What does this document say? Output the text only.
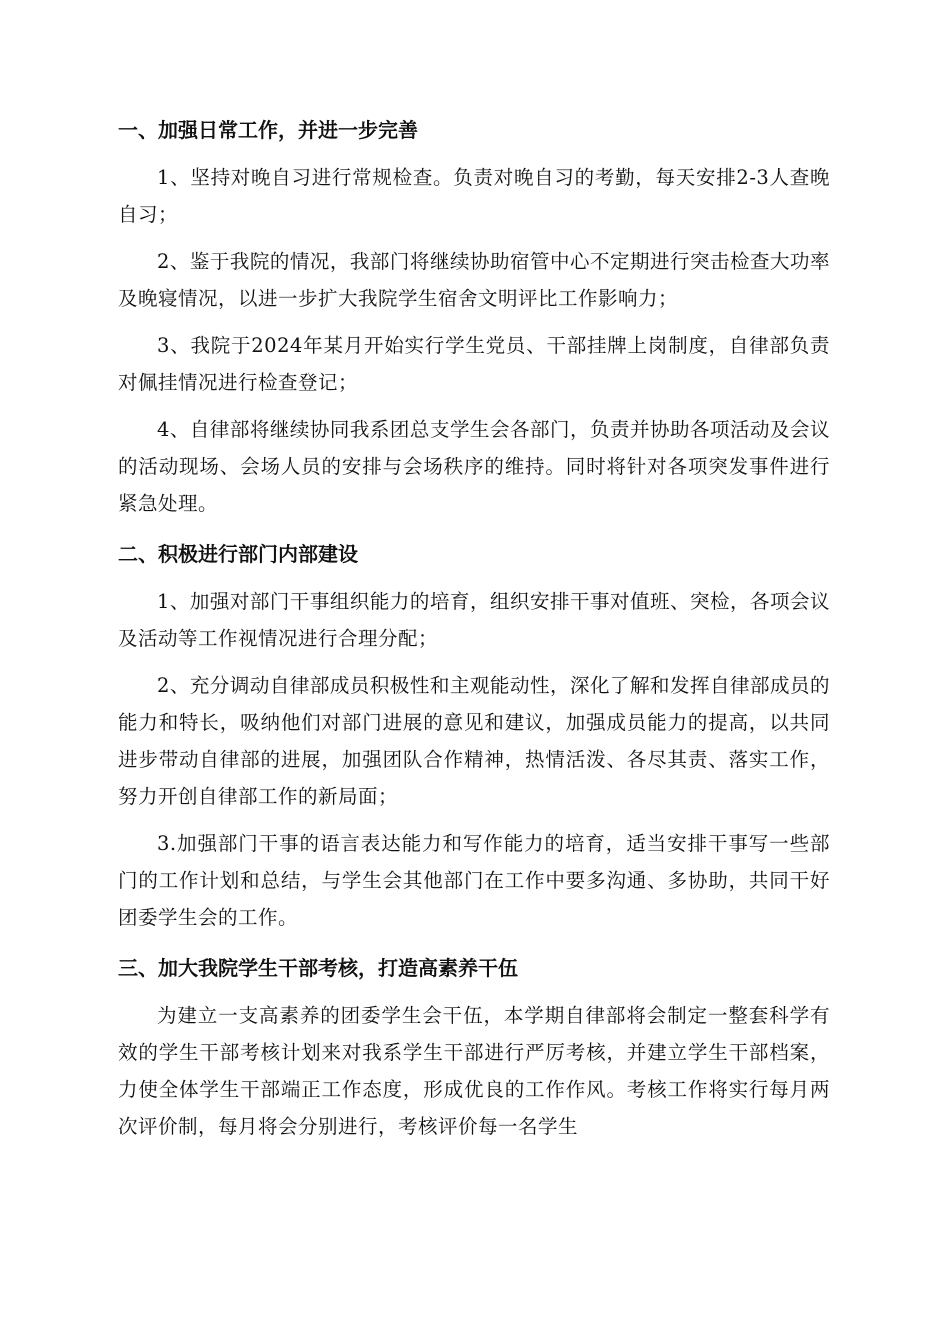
一、加强日常工作，并进一步完善

1、坚持对晚自习进行常规检查。负责对晚自习的考勤，每天安排2-3人查晚自习；

2、鉴于我院的情况，我部门将继续协助宿管中心不定期进行突击检查大功率及晚寝情况，以进一步扩大我院学生宿舍文明评比工作影响力；

3、我院于2024年某月开始实行学生党员、干部挂牌上岗制度，自律部负责对佩挂情况进行检查登记；

4、自律部将继续协同我系团总支学生会各部门，负责并协助各项活动及会议的活动现场、会场人员的安排与会场秩序的维持。同时将针对各项突发事件进行紧急处理。

二、积极进行部门内部建设

1、加强对部门干事组织能力的培育，组织安排干事对值班、突检，各项会议及活动等工作视情况进行合理分配；

2、充分调动自律部成员积极性和主观能动性，深化了解和发挥自律部成员的能力和特长，吸纳他们对部门进展的意见和建议，加强成员能力的提高，以共同进步带动自律部的进展，加强团队合作精神，热情活泼、各尽其责、落实工作，努力开创自律部工作的新局面；

3.加强部门干事的语言表达能力和写作能力的培育，适当安排干事写一些部门的工作计划和总结，与学生会其他部门在工作中要多沟通、多协助，共同干好团委学生会的工作。

三、加大我院学生干部考核，打造高素养干伍

为建立一支高素养的团委学生会干伍，本学期自律部将会制定一整套科学有效的学生干部考核计划来对我系学生干部进行严厉考核，并建立学生干部档案，力使全体学生干部端正工作态度，形成优良的工作作风。考核工作将实行每月两次评价制，每月将会分别进行，考核评价每一名学生
